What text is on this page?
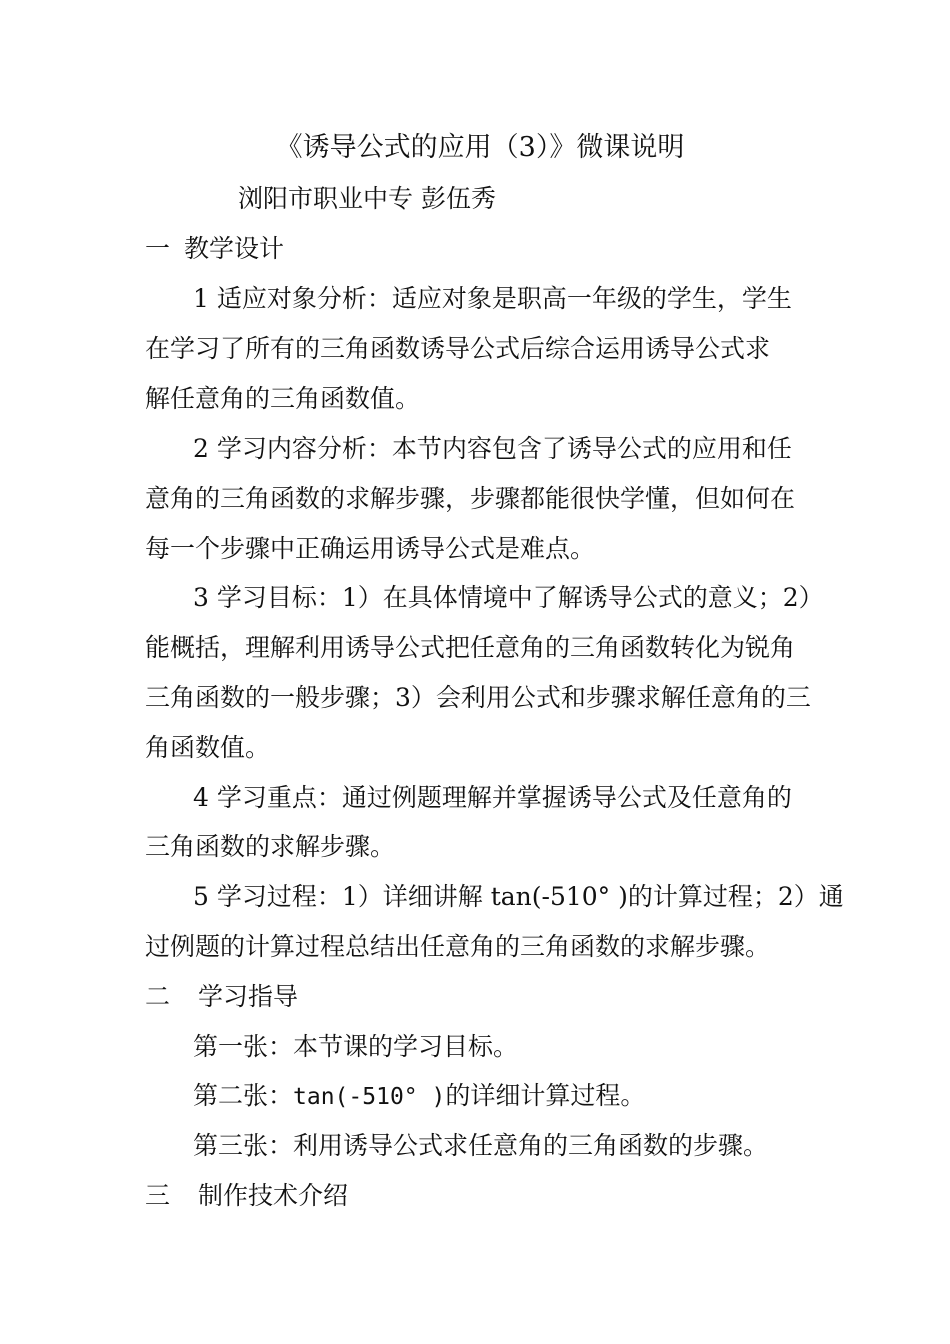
《诱导公式的应用（3）》微课说明
浏阳市职业中专 彭伍秀
一 教学设计
1 适应对象分析：适应对象是职高一年级的学生，学生
在学习了所有的三角函数诱导公式后综合运用诱导公式求
解任意角的三角函数值。
2 学习内容分析：本节内容包含了诱导公式的应用和任
意角的三角函数的求解步骤，步骤都能很快学懂，但如何在
每一个步骤中正确运用诱导公式是难点。
3 学习目标：1）在具体情境中了解诱导公式的意义；2）
能概括，理解利用诱导公式把任意角的三角函数转化为锐角
三角函数的一般步骤；3）会利用公式和步骤求解任意角的三
角函数值。
4 学习重点：通过例题理解并掌握诱导公式及任意角的
三角函数的求解步骤。
5 学习过程：1）详细讲解 tan(-510° )的计算过程；2）通
过例题的计算过程总结出任意角的三角函数的求解步骤。
二 学习指导
第一张：本节课的学习目标。
第二张：tan(-510° )的详细计算过程。
第三张：利用诱导公式求任意角的三角函数的步骤。
三 制作技术介绍
